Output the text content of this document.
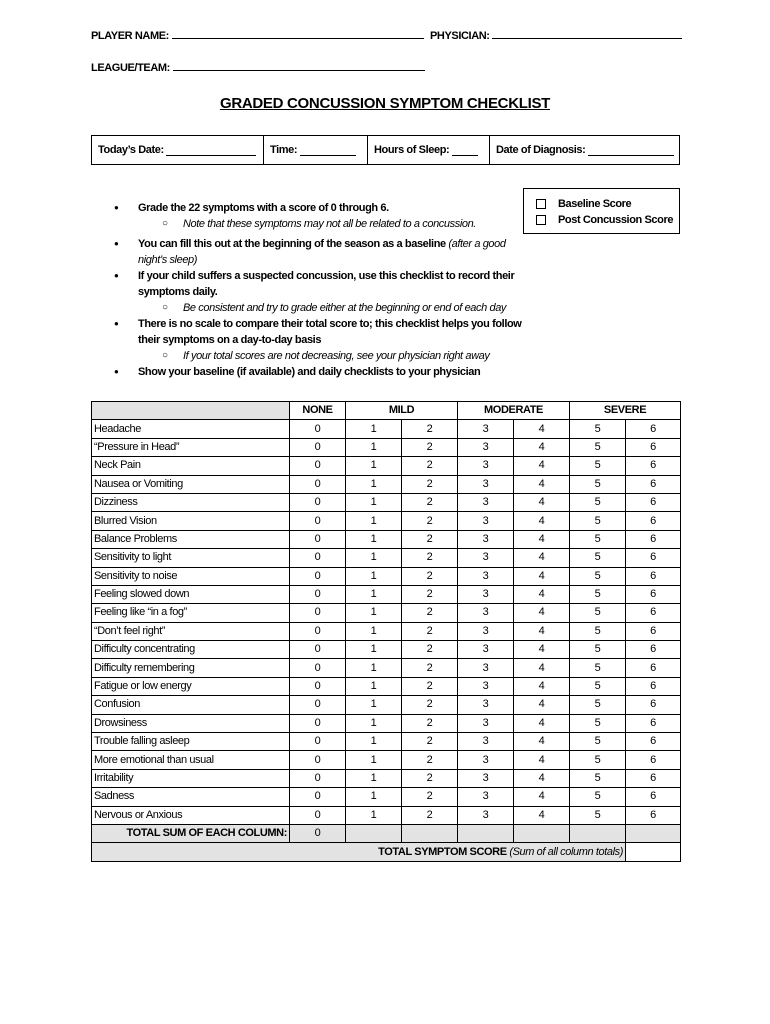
PLAYER NAME:	PHYSICIAN:
LEAGUE/TEAM:
GRADED CONCUSSION SYMPTOM CHECKLIST
Today’s Date:
	Time:
	Hours of Sleep:
	Date of Diagnosis:

Baseline Score
Post Concussion Score
● Grade the 22 symptoms with a score of 0 through 6.
○ Note that these symptoms may not all be related to a concussion.
● You can fill this out at the beginning of the season as a baseline (after a good night’s sleep)
● If your child suffers a suspected concussion, use this checklist to record their symptoms daily.
○ Be consistent and try to grade either at the beginning or end of each day
● There is no scale to compare their total score to; this checklist helps you follow their symptoms on a day-to-day basis
○ If your total scores are not decreasing, see your physician right away
● Show your baseline (if available) and daily checklists to your physician
	NONE	MILD		MODERATE		SEVERE	
Headache	0	1	2	3	4	5	6
“Pressure in Head”	0	1	2	3	4	5	6
Neck Pain	0	1	2	3	4	5	6
Nausea or Vomiting	0	1	2	3	4	5	6
Dizziness	0	1	2	3	4	5	6
Blurred Vision	0	1	2	3	4	5	6
Balance Problems	0	1	2	3	4	5	6
Sensitivity to light	0	1	2	3	4	5	6
Sensitivity to noise	0	1	2	3	4	5	6
Feeling slowed down	0	1	2	3	4	5	6
Feeling like “in a fog”	0	1	2	3	4	5	6
“Don’t feel right”	0	1	2	3	4	5	6
Difficulty concentrating	0	1	2	3	4	5	6
Difficulty remembering	0	1	2	3	4	5	6
Fatigue or low energy	0	1	2	3	4	5	6
Confusion	0	1	2	3	4	5	6
Drowsiness	0	1	2	3	4	5	6
Trouble falling asleep	0	1	2	3	4	5	6
More emotional than usual	0	1	2	3	4	5	6
Irritability	0	1	2	3	4	5	6
Sadness	0	1	2	3	4	5	6
Nervous or Anxious	0	1	2	3	4	5	6
TOTAL SUM OF EACH COLUMN:	0						
TOTAL SYMPTOM SCORE (Sum of all column totals)							
